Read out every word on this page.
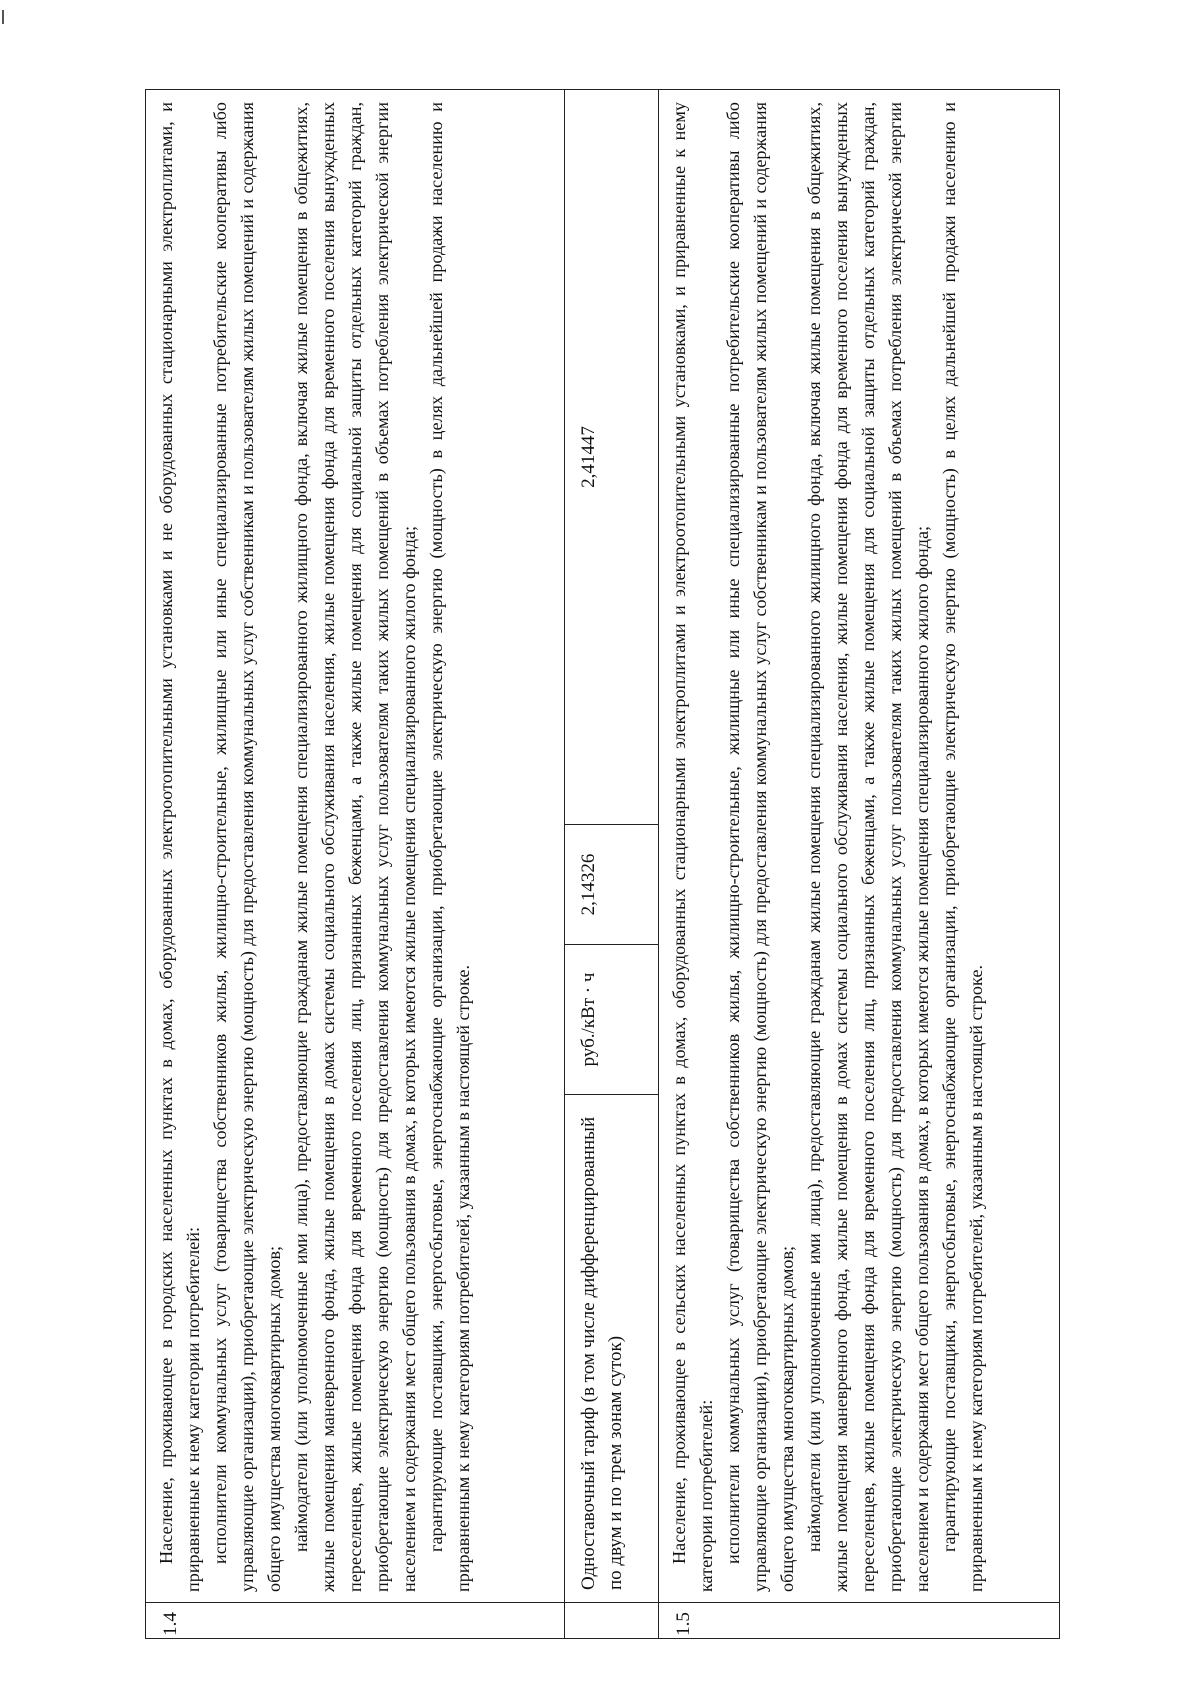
1.4

Население, проживающее в городских населенных пунктах в домах, оборудованных электроотопительными установками и не оборудованных стационарными электроплитами, и приравненные к нему категории потребителей: исполнители коммунальных услуг (товарищества собственников жилья, жилищно-строительные, жилищные или иные специализированные потребительские кооперативы либо управляющие организации), приобретающие электрическую энергию (мощность) для предоставления коммунальных услуг собственникам и пользователям жилых помещений и содержания общего имущества многоквартирных домов; наймодатели (или уполномоченные ими лица), предоставляющие гражданам жилые помещения специализированного жилищного фонда, включая жилые помещения в общежитиях, жилые помещения маневренного фонда, жилые помещения в домах системы социального обслуживания населения, жилые помещения фонда для временного поселения вынужденных переселенцев, жилые помещения фонда для временного поселения лиц, признанных беженцами, а также жилые помещения для социальной защиты отдельных категорий граждан, приобретающие электрическую энергию (мощность) для предоставления коммунальных услуг пользователям таких жилых помещений в объемах потребления электрической энергии населением и содержания мест общего пользования в домах, в которых имеются жилые помещения специализированного жилого фонда; гарантирующие поставщики, энергосбытовые, энергоснабжающие организации, приобретающие электрическую энергию (мощность) в целях дальнейшей продажи населению и приравненным к нему категориям потребителей, указанным в настоящей строке.	Одноставочный тариф (в том числе дифференцированный по двум и по трем зонам суток)
руб./кВт · ч
2,14326
2,41447
1.5

Население, проживающее в сельских населенных пунктах в домах, оборудованных стационарными электроплитами и электроотопительными установками, и приравненные к нему категории потребителей: исполнители коммунальных услуг (товарищества собственников жилья, жилищно-строительные, жилищные или иные специализированные потребительские кооперативы либо управляющие организации), приобретающие электрическую энергию (мощность) для предоставления коммунальных услуг собственникам и пользователям жилых помещений и содержания общего имущества многоквартирных домов; наймодатели (или уполномоченные ими лица), предоставляющие гражданам жилые помещения специализированного жилищного фонда, включая жилые помещения в общежитиях, жилые помещения маневренного фонда, жилые помещения в домах системы социального обслуживания населения, жилые помещения фонда для временного поселения вынужденных переселенцев, жилые помещения фонда для временного поселения лиц, признанных беженцами, а также жилые помещения для социальной защиты отдельных категорий граждан, приобретающие электрическую энергию (мощность) для предоставления коммунальных услуг пользователям таких жилых помещений в объемах потребления электрической энергии населением и содержания мест общего пользования в домах, в которых имеются жилые помещения специализированного жилого фонда; гарантирующие поставщики, энергосбытовые, энергоснабжающие организации, приобретающие электрическую энергию (мощность) в целях дальнейшей продажи населению и приравненным к нему категориям потребителей, указанным в настоящей строке.
